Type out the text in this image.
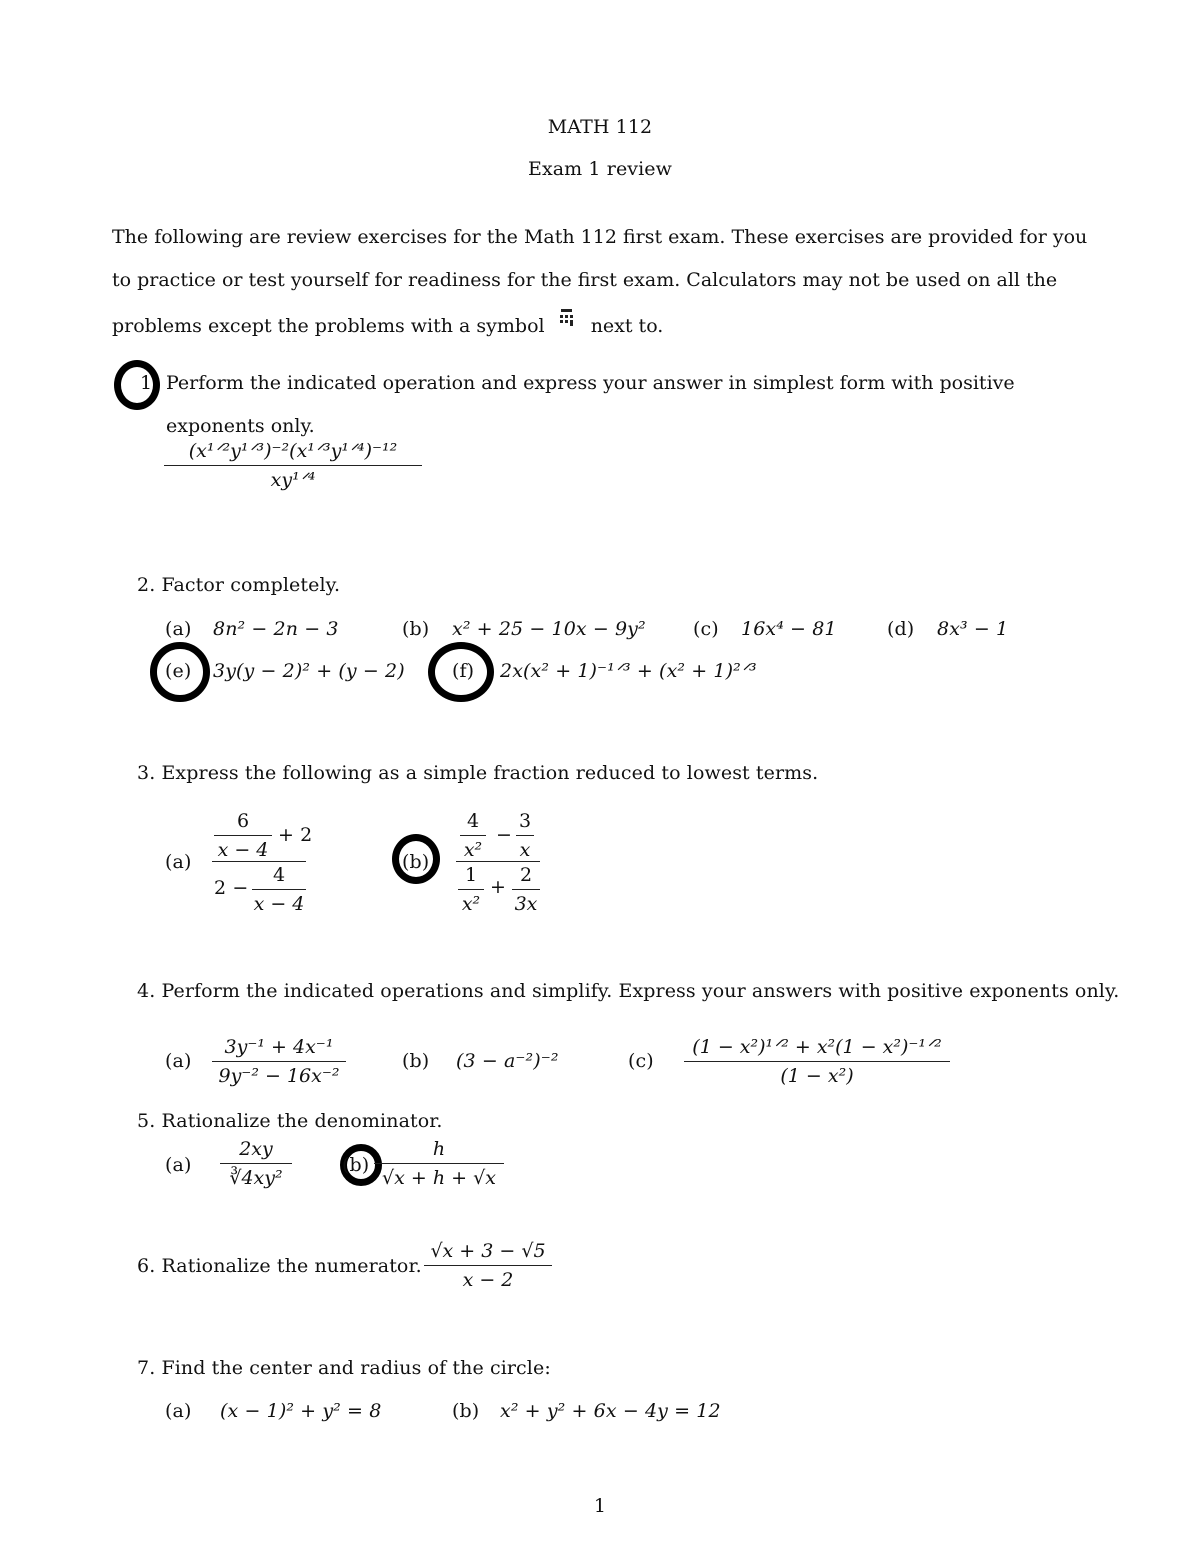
MATH 112
Exam 1 review
The following are review exercises for the Math 112 first exam. These exercises are provided for you to practice or test yourself for readiness for the first exam. Calculators may not be used on all the problems except the problems with a symbol next to.
1 Perform the indicated operation and express your answer in simplest form with positive exponents only.
(x¹ᐟ²y¹ᐟ³)⁻²(x¹ᐟ³y¹ᐟ⁴)⁻¹²
xy¹ᐟ⁴
2. Factor completely.
(a) 8n² − 2n − 3	(b) x² + 25 − 10x − 9y² (c) 16x⁴ − 81	(d) 8x³ − 1
(e) 3y(y − 2)² + (y − 2) (f) 2x(x² + 1)⁻¹ᐟ³ + (x² + 1)²ᐟ³
3. Express the following as a simple fraction reduced to lowest terms.
(a)
6
x − 4
+ 2
2 −
4
x − 4
(b)
4
x²
−
3
x
1
x²
+
2
3x
4. Perform the indicated operations and simplify. Express your answers with positive exponents only.
(a)
3y⁻¹ + 4x⁻¹
9y⁻² − 16x⁻²
(b) (3 − a⁻²)⁻²	(c)
(1 − x²)¹ᐟ² + x²(1 − x²)⁻¹ᐟ²
(1 − x²)
5. Rationalize the denominator.
(a)
2xy
∛4xy²
(b)
h
√x + h + √x
6. Rationalize the numerator.
√x + 3 − √5
x − 2
7. Find the center and radius of the circle:
(a) (x − 1)² + y² = 8	(b) x² + y² + 6x − 4y = 12
1
